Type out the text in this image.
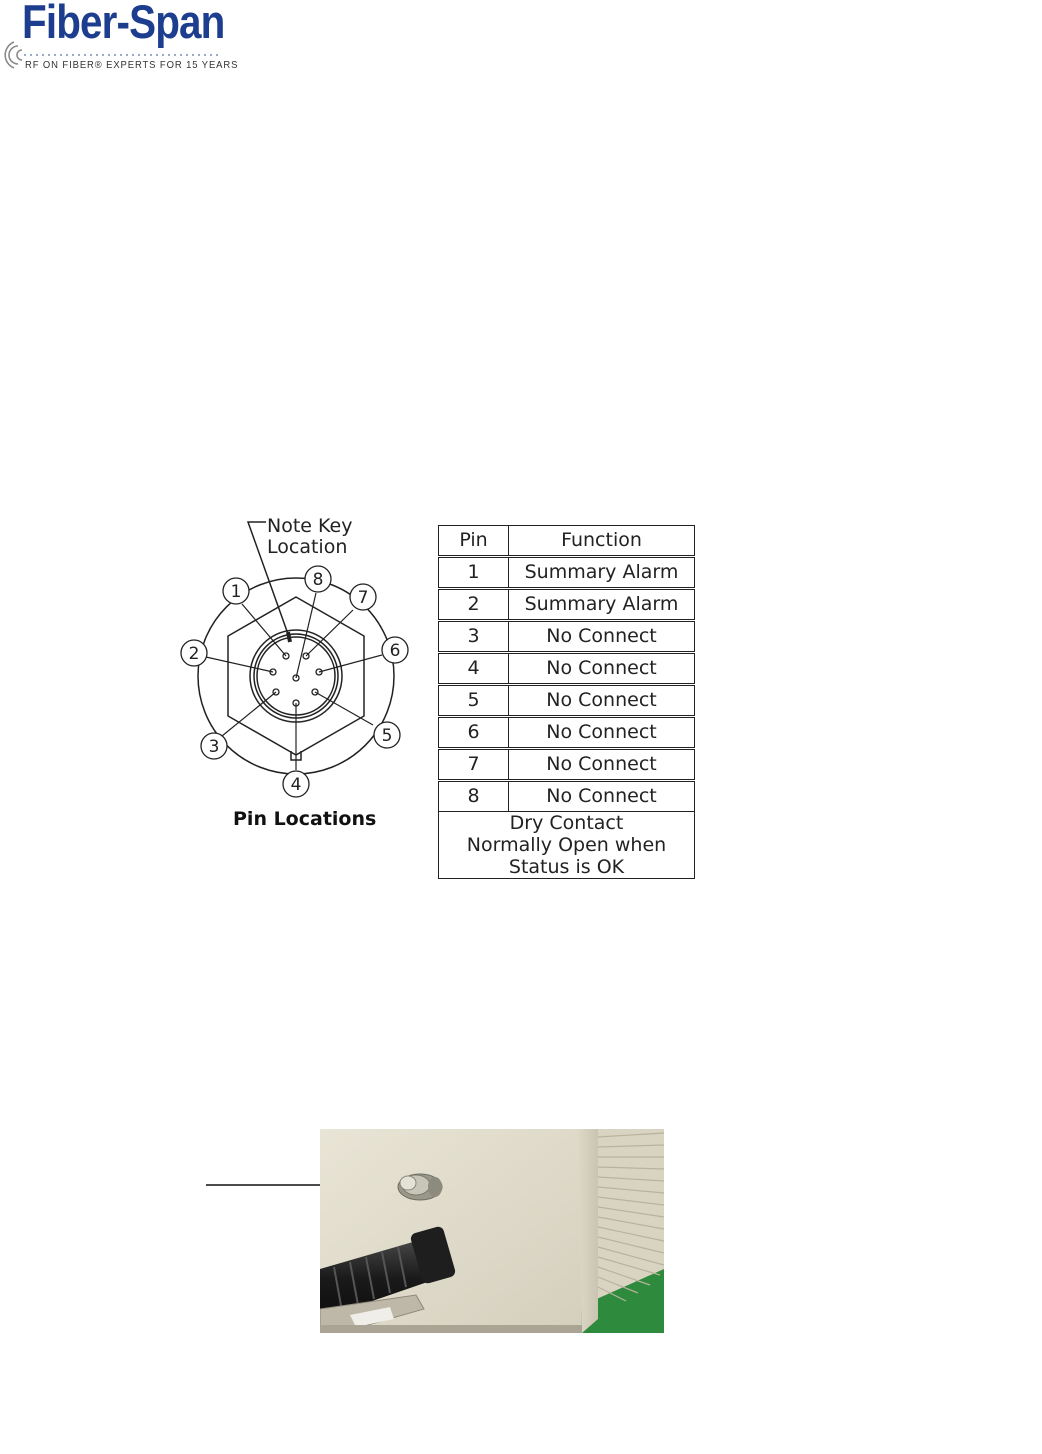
Fiber-Span
RF ON FIBER® EXPERTS FOR 15 YEARS
1
2
3
4
5
6
7
8
Note Key
Location
Pin Locations
Pin	Function
1	Summary Alarm
2	Summary Alarm
3	No Connect
4	No Connect
5	No Connect
6	No Connect
7	No Connect
8	No Connect

Dry Contact
Normally Open when
Status is OK	
